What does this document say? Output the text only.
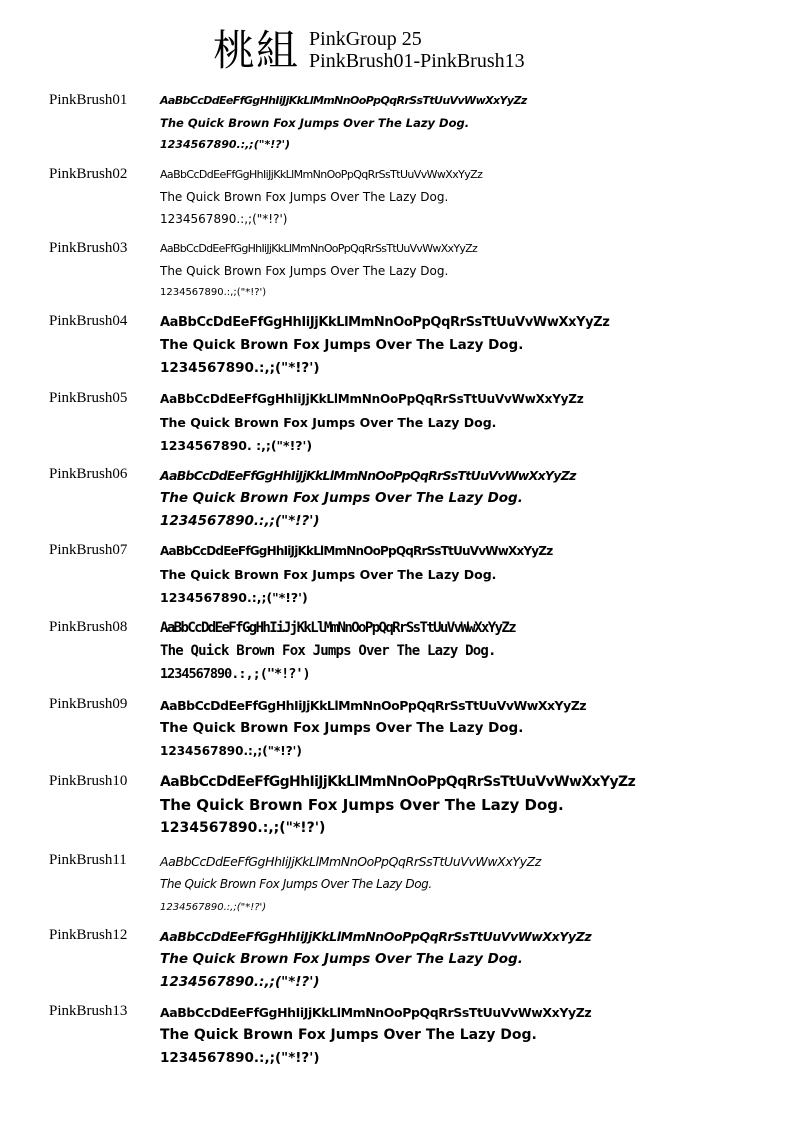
桃組 PinkGroup 25
PinkBrush01-PinkBrush13
PinkBrush01	AaBbCcDdEeFfGgHhIiJjKkLlMmNnOoPpQqRrSsTtUuVvWwXxYyZz
The Quick Brown Fox Jumps Over The Lazy Dog.
1234567890.:,;("*!?')
PinkBrush02	AaBbCcDdEeFfGgHhIiJjKkLlMmNnOoPpQqRrSsTtUuVvWwXxYyZz
The Quick Brown Fox Jumps Over The Lazy Dog.
1234567890.:,;("*!?')
PinkBrush03	AaBbCcDdEeFfGgHhIiJjKkLlMmNnOoPpQqRrSsTtUuVvWwXxYyZz
The Quick Brown Fox Jumps Over The Lazy Dog.
1234567890.:,;("*!?')
PinkBrush04	AaBbCcDdEeFfGgHhIiJjKkLlMmNnOoPpQqRrSsTtUuVvWwXxYyZz
The Quick Brown Fox Jumps Over The Lazy Dog.
1234567890.:,;("*!?')
PinkBrush05	AaBbCcDdEeFfGgHhIiJjKkLlMmNnOoPpQqRrSsTtUuVvWwXxYyZz
The Quick Brown Fox Jumps Over The Lazy Dog.
1234567890. :,;("*!?')
PinkBrush06	AaBbCcDdEeFfGgHhIiJjKkLlMmNnOoPpQqRrSsTtUuVvWwXxYyZz
The Quick Brown Fox Jumps Over The Lazy Dog.
1234567890.:,;("*!?')
PinkBrush07	AaBbCcDdEeFfGgHhIiJjKkLlMmNnOoPpQqRrSsTtUuVvWwXxYyZz
The Quick Brown Fox Jumps Over The Lazy Dog.
1234567890.:,;("*!?')
PinkBrush08 AaBbCcDdEeFfGgHhIiJjKkLlMmNnOoPpQqRrSsTtUuVvWwXxYyZz
The Quick Brown Fox Jumps Over The Lazy Dog.
1234567890.:,;("*!?')
PinkBrush09	AaBbCcDdEeFfGgHhIiJjKkLlMmNnOoPpQqRrSsTtUuVvWwXxYyZz
The Quick Brown Fox Jumps Over The Lazy Dog.
1234567890.:,;("*!?')
PinkBrush10 AaBbCcDdEeFfGgHhIiJjKkLlMmNnOoPpQqRrSsTtUuVvWwXxYyZz
The Quick Brown Fox Jumps Over The Lazy Dog.
1234567890.:,;("*!?')
PinkBrush11	AaBbCcDdEeFfGgHhIiJjKkLlMmNnOoPpQqRrSsTtUuVvWwXxYyZz
The Quick Brown Fox Jumps Over The Lazy Dog.
1234567890.:,;("*!?')
PinkBrush12	AaBbCcDdEeFfGgHhIiJjKkLlMmNnOoPpQqRrSsTtUuVvWwXxYyZz
The Quick Brown Fox Jumps Over The Lazy Dog.
1234567890.:,;("*!?')
PinkBrush13	AaBbCcDdEeFfGgHhIiJjKkLlMmNnOoPpQqRrSsTtUuVvWwXxYyZz
The Quick Brown Fox Jumps Over The Lazy Dog.
1234567890.:,;("*!?')
